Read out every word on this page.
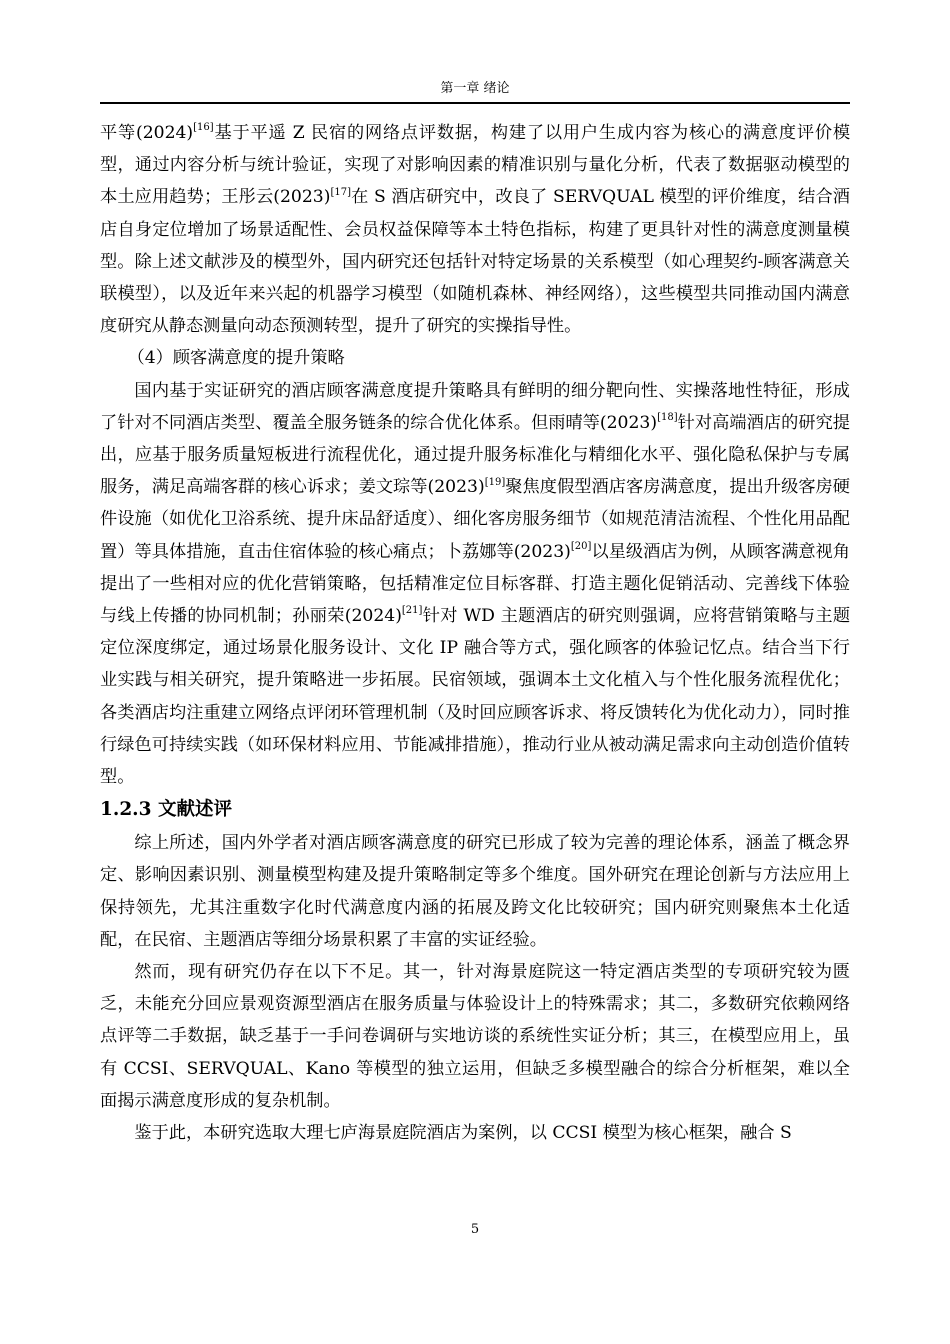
第一章 绪论

平等(2024)[16]基于平遥 Z 民宿的网络点评数据，构建了以用户生成内容为核心的满意度评价模型，通过内容分析与统计验证，实现了对影响因素的精准识别与量化分析，代表了数据驱动模型的本土应用趋势；王彤云(2023)[17]在 S 酒店研究中，改良了 SERVQUAL 模型的评价维度，结合酒店自身定位增加了场景适配性、会员权益保障等本土特色指标，构建了更具针对性的满意度测量模型。除上述文献涉及的模型外，国内研究还包括针对特定场景的关系模型（如心理契约-顾客满意关联模型），以及近年来兴起的机器学习模型（如随机森林、神经网络），这些模型共同推动国内满意度研究从静态测量向动态预测转型，提升了研究的实操指导性。

（4）顾客满意度的提升策略

国内基于实证研究的酒店顾客满意度提升策略具有鲜明的细分靶向性、实操落地性特征，形成了针对不同酒店类型、覆盖全服务链条的综合优化体系。但雨晴等(2023)[18]针对高端酒店的研究提出，应基于服务质量短板进行流程优化，通过提升服务标准化与精细化水平、强化隐私保护与专属服务，满足高端客群的核心诉求；姜文琮等(2023)[19]聚焦度假型酒店客房满意度，提出升级客房硬件设施（如优化卫浴系统、提升床品舒适度）、细化客房服务细节（如规范清洁流程、个性化用品配置）等具体措施，直击住宿体验的核心痛点；卜荔娜等(2023)[20]以星级酒店为例，从顾客满意视角提出了一些相对应的优化营销策略，包括精准定位目标客群、打造主题化促销活动、完善线下体验与线上传播的协同机制；孙丽荣(2024)[21]针对 WD 主题酒店的研究则强调，应将营销策略与主题定位深度绑定，通过场景化服务设计、文化 IP 融合等方式，强化顾客的体验记忆点。结合当下行业实践与相关研究，提升策略进一步拓展。民宿领域，强调本土文化植入与个性化服务流程优化；各类酒店均注重建立网络点评闭环管理机制（及时回应顾客诉求、将反馈转化为优化动力），同时推行绿色可持续实践（如环保材料应用、节能减排措施），推动行业从被动满足需求向主动创造价值转型。

1.2.3 文献述评

综上所述，国内外学者对酒店顾客满意度的研究已形成了较为完善的理论体系，涵盖了概念界定、影响因素识别、测量模型构建及提升策略制定等多个维度。国外研究在理论创新与方法应用上保持领先，尤其注重数字化时代满意度内涵的拓展及跨文化比较研究；国内研究则聚焦本土化适配，在民宿、主题酒店等细分场景积累了丰富的实证经验。

然而，现有研究仍存在以下不足。其一，针对海景庭院这一特定酒店类型的专项研究较为匮乏，未能充分回应景观资源型酒店在服务质量与体验设计上的特殊需求；其二，多数研究依赖网络点评等二手数据，缺乏基于一手问卷调研与实地访谈的系统性实证分析；其三，在模型应用上，虽有 CCSI、SERVQUAL、Kano 等模型的独立运用，但缺乏多模型融合的综合分析框架，难以全面揭示满意度形成的复杂机制。

鉴于此，本研究选取大理七庐海景庭院酒店为案例，以 CCSI 模型为核心框架，融合 S

5
